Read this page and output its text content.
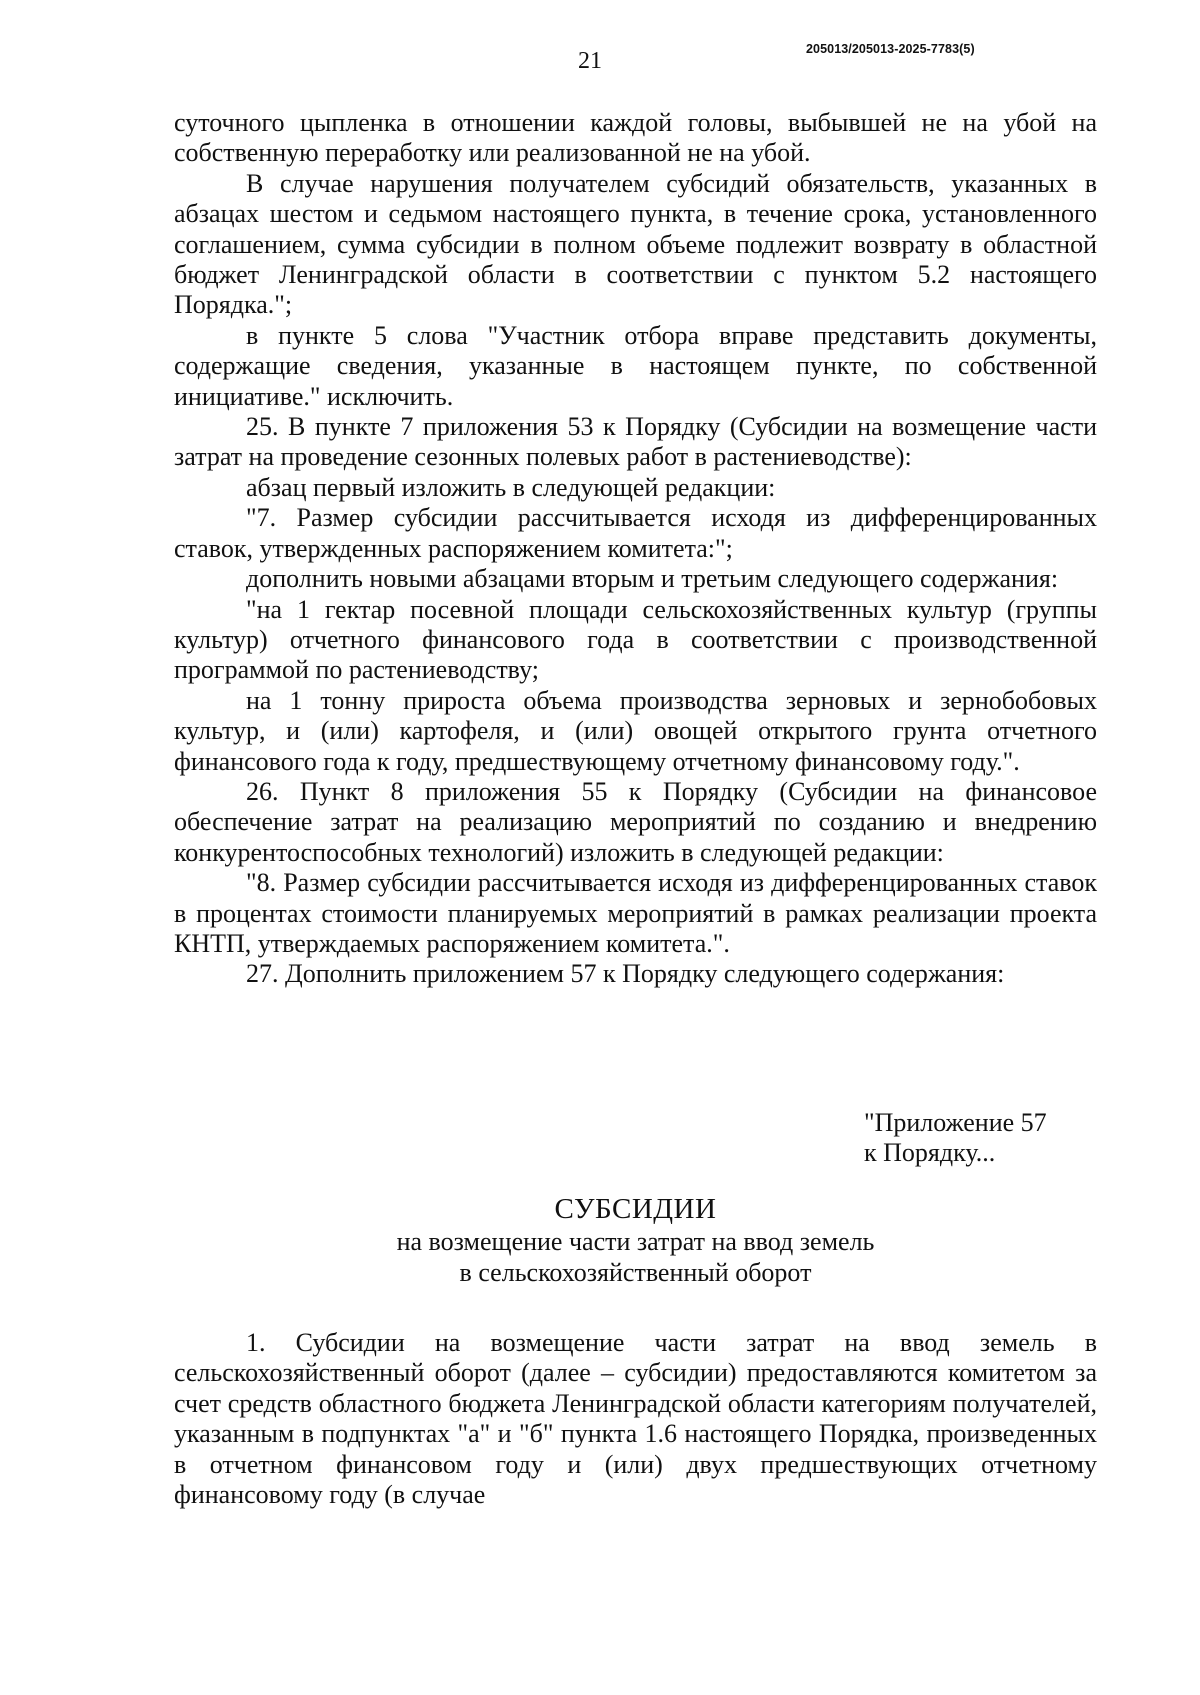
21	205013/205013-2025-7783(5)

суточного цыпленка в отношении каждой головы, выбывшей не на убой на собственную переработку или реализованной не на убой.

В случае нарушения получателем субсидий обязательств, указанных в абзацах шестом и седьмом настоящего пункта, в течение срока, установленного соглашением, сумма субсидии в полном объеме подлежит возврату в областной бюджет Ленинградской области в соответствии с пунктом 5.2 настоящего Порядка.";

в пункте 5 слова "Участник отбора вправе представить документы, содержащие сведения, указанные в настоящем пункте, по собственной инициативе." исключить.

25. В пункте 7 приложения 53 к Порядку (Субсидии на возмещение части затрат на проведение сезонных полевых работ в растениеводстве):

абзац первый изложить в следующей редакции:

"7. Размер субсидии рассчитывается исходя из дифференцированных ставок, утвержденных распоряжением комитета:";

дополнить новыми абзацами вторым и третьим следующего содержания:

"на 1 гектар посевной площади сельскохозяйственных культур (группы культур) отчетного финансового года в соответствии с производственной программой по растениеводству;

на 1 тонну прироста объема производства зерновых и зернобобовых культур, и (или) картофеля, и (или) овощей открытого грунта отчетного финансового года к году, предшествующему отчетному финансовому году.".

26. Пункт 8 приложения 55 к Порядку (Субсидии на финансовое обеспечение затрат на реализацию мероприятий по созданию и внедрению конкурентоспособных технологий) изложить в следующей редакции:

"8. Размер субсидии рассчитывается исходя из дифференцированных ставок в процентах стоимости планируемых мероприятий в рамках реализации проекта КНТП, утверждаемых распоряжением комитета.".

27. Дополнить приложением 57 к Порядку следующего содержания:

"Приложение 57
к Порядку...
СУБСИДИИ
на возмещение части затрат на ввод земель
в сельскохозяйственный оборот

1. Субсидии на возмещение части затрат на ввод земель в сельскохозяйственный оборот (далее – субсидии) предоставляются комитетом за счет средств областного бюджета Ленинградской области категориям получателей, указанным в подпунктах "а" и "б" пункта 1.6 настоящего Порядка, произведенных в отчетном финансовом году и (или) двух предшествующих отчетному финансовому году (в случае
